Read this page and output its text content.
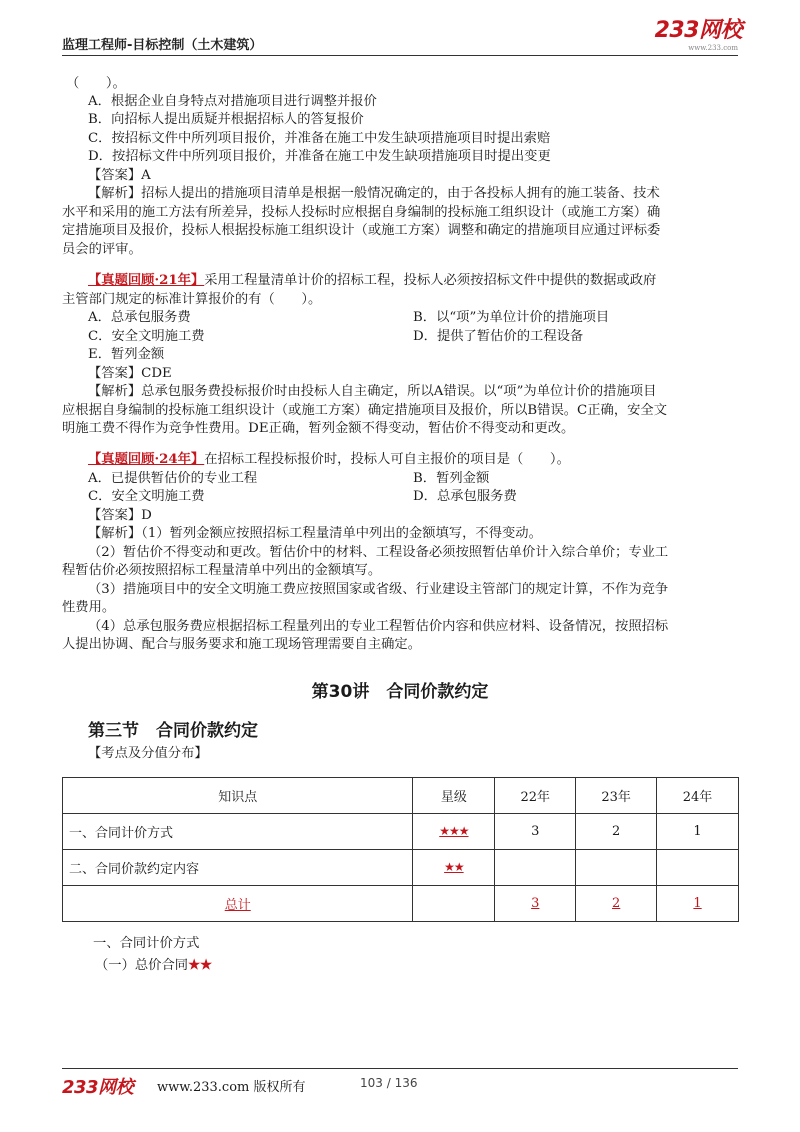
监理工程师-目标控制（土木建筑）
233网校
www.233.com
（　　）。
A．根据企业自身特点对措施项目进行调整并报价
B．向招标人提出质疑并根据招标人的答复报价
C．按招标文件中所列项目报价，并准备在施工中发生缺项措施项目时提出索赔
D．按招标文件中所列项目报价，并准备在施工中发生缺项措施项目时提出变更
【答案】A
【解析】招标人提出的措施项目清单是根据一般情况确定的，由于各投标人拥有的施工装备、技术
水平和采用的施工方法有所差异，投标人投标时应根据自身编制的投标施工组织设计（或施工方案）确
定措施项目及报价，投标人根据投标施工组织设计（或施工方案）调整和确定的措施项目应通过评标委
员会的评审。
【真题回顾·21年】采用工程量清单计价的招标工程，投标人必须按招标文件中提供的数据或政府
主管部门规定的标准计算报价的有（　　）。
A．总承包服务费	B．以“项”为单位计价的措施项目
C．安全文明施工费	D．提供了暂估价的工程设备
E．暂列金额
【答案】CDE
【解析】总承包服务费投标报价时由投标人自主确定，所以A错误。以“项”为单位计价的措施项目
应根据自身编制的投标施工组织设计（或施工方案）确定措施项目及报价，所以B错误。C正确，安全文
明施工费不得作为竞争性费用。DE正确，暂列金额不得变动，暂估价不得变动和更改。
【真题回顾·24年】在招标工程投标报价时，投标人可自主报价的项目是（　　）。
A．已提供暂估价的专业工程	B．暂列金额
C．安全文明施工费	D．总承包服务费
【答案】D
【解析】（1）暂列金额应按照招标工程量清单中列出的金额填写，不得变动。
（2）暂估价不得变动和更改。暂估价中的材料、工程设备必须按照暂估单价计入综合单价；专业工
程暂估价必须按照招标工程量清单中列出的金额填写。
（3）措施项目中的安全文明施工费应按照国家或省级、行业建设主管部门的规定计算，不作为竞争
性费用。
（4）总承包服务费应根据招标工程量列出的专业工程暂估价内容和供应材料、设备情况，按照招标
人提出协调、配合与服务要求和施工现场管理需要自主确定。
第30讲　合同价款约定
第三节　合同价款约定
【考点及分值分布】
知识点	星级	22年	23年	24年
一、合同计价方式	★★★	3	2	1
二、合同价款约定内容	★★			
总计		3	2	1
一、合同计价方式
（一）总价合同★★
233网校 www.233.com 版权所有	103 / 136
